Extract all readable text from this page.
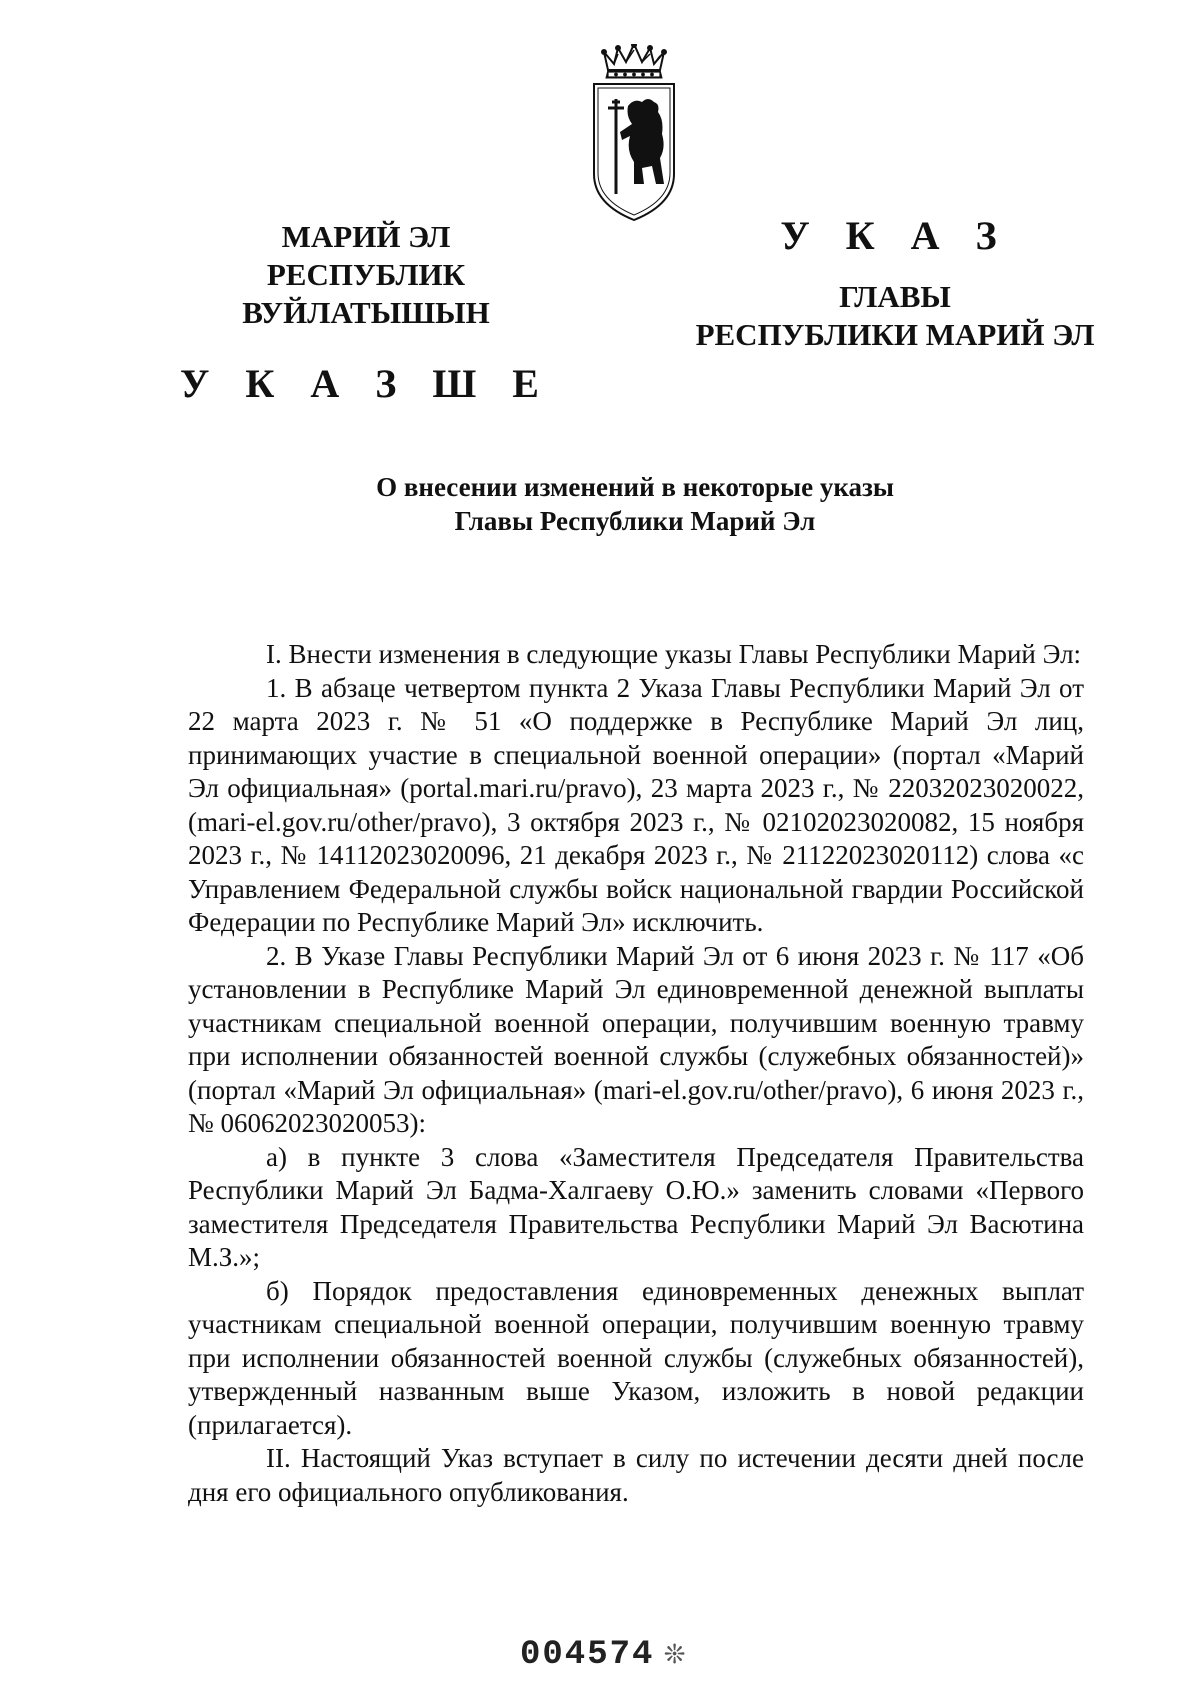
МАРИЙ ЭЛ РЕСПУБЛИК
ВУЙЛАТЫШЫН
У К А З Ш Е
У К А З
ГЛАВЫ
РЕСПУБЛИКИ МАРИЙ ЭЛ
О внесении изменений в некоторые указы
Главы Республики Марий Эл

I. Внести изменения в следующие указы Главы Республики Марий Эл:

1. В абзаце четвертом пункта 2 Указа Главы Республики Марий Эл от 22 марта 2023 г. № 51 «О поддержке в Республике Марий Эл лиц, принимающих участие в специальной военной операции» (портал «Марий Эл официальная» (portal.mari.ru/pravo), 23 марта 2023 г., № 22032023020022, (mari-el.gov.ru/other/pravo), 3 октября 2023 г., № 02102023020082, 15 ноября 2023 г., № 14112023020096, 21 декабря 2023 г., № 21122023020112) слова «с Управлением Федеральной службы войск национальной гвардии Российской Федерации по Республике Марий Эл» исключить.

2. В Указе Главы Республики Марий Эл от 6 июня 2023 г. № 117 «Об установлении в Республике Марий Эл единовременной денежной выплаты участникам специальной военной операции, получившим военную травму при исполнении обязанностей военной службы (служебных обязанностей)» (портал «Марий Эл официальная» (mari-el.gov.ru/other/pravo), 6 июня 2023 г., № 06062023020053):

а) в пункте 3 слова «Заместителя Председателя Правительства Республики Марий Эл Бадма-Халгаеву О.Ю.» заменить словами «Первого заместителя Председателя Правительства Республики Марий Эл Васютина М.З.»;

б) Порядок предоставления единовременных денежных выплат участникам специальной военной операции, получившим военную травму при исполнении обязанностей военной службы (служебных обязанностей), утвержденный названным выше Указом, изложить в новой редакции (прилагается).

II. Настоящий Указ вступает в силу по истечении десяти дней после дня его официального опубликования.

004574 ❊
